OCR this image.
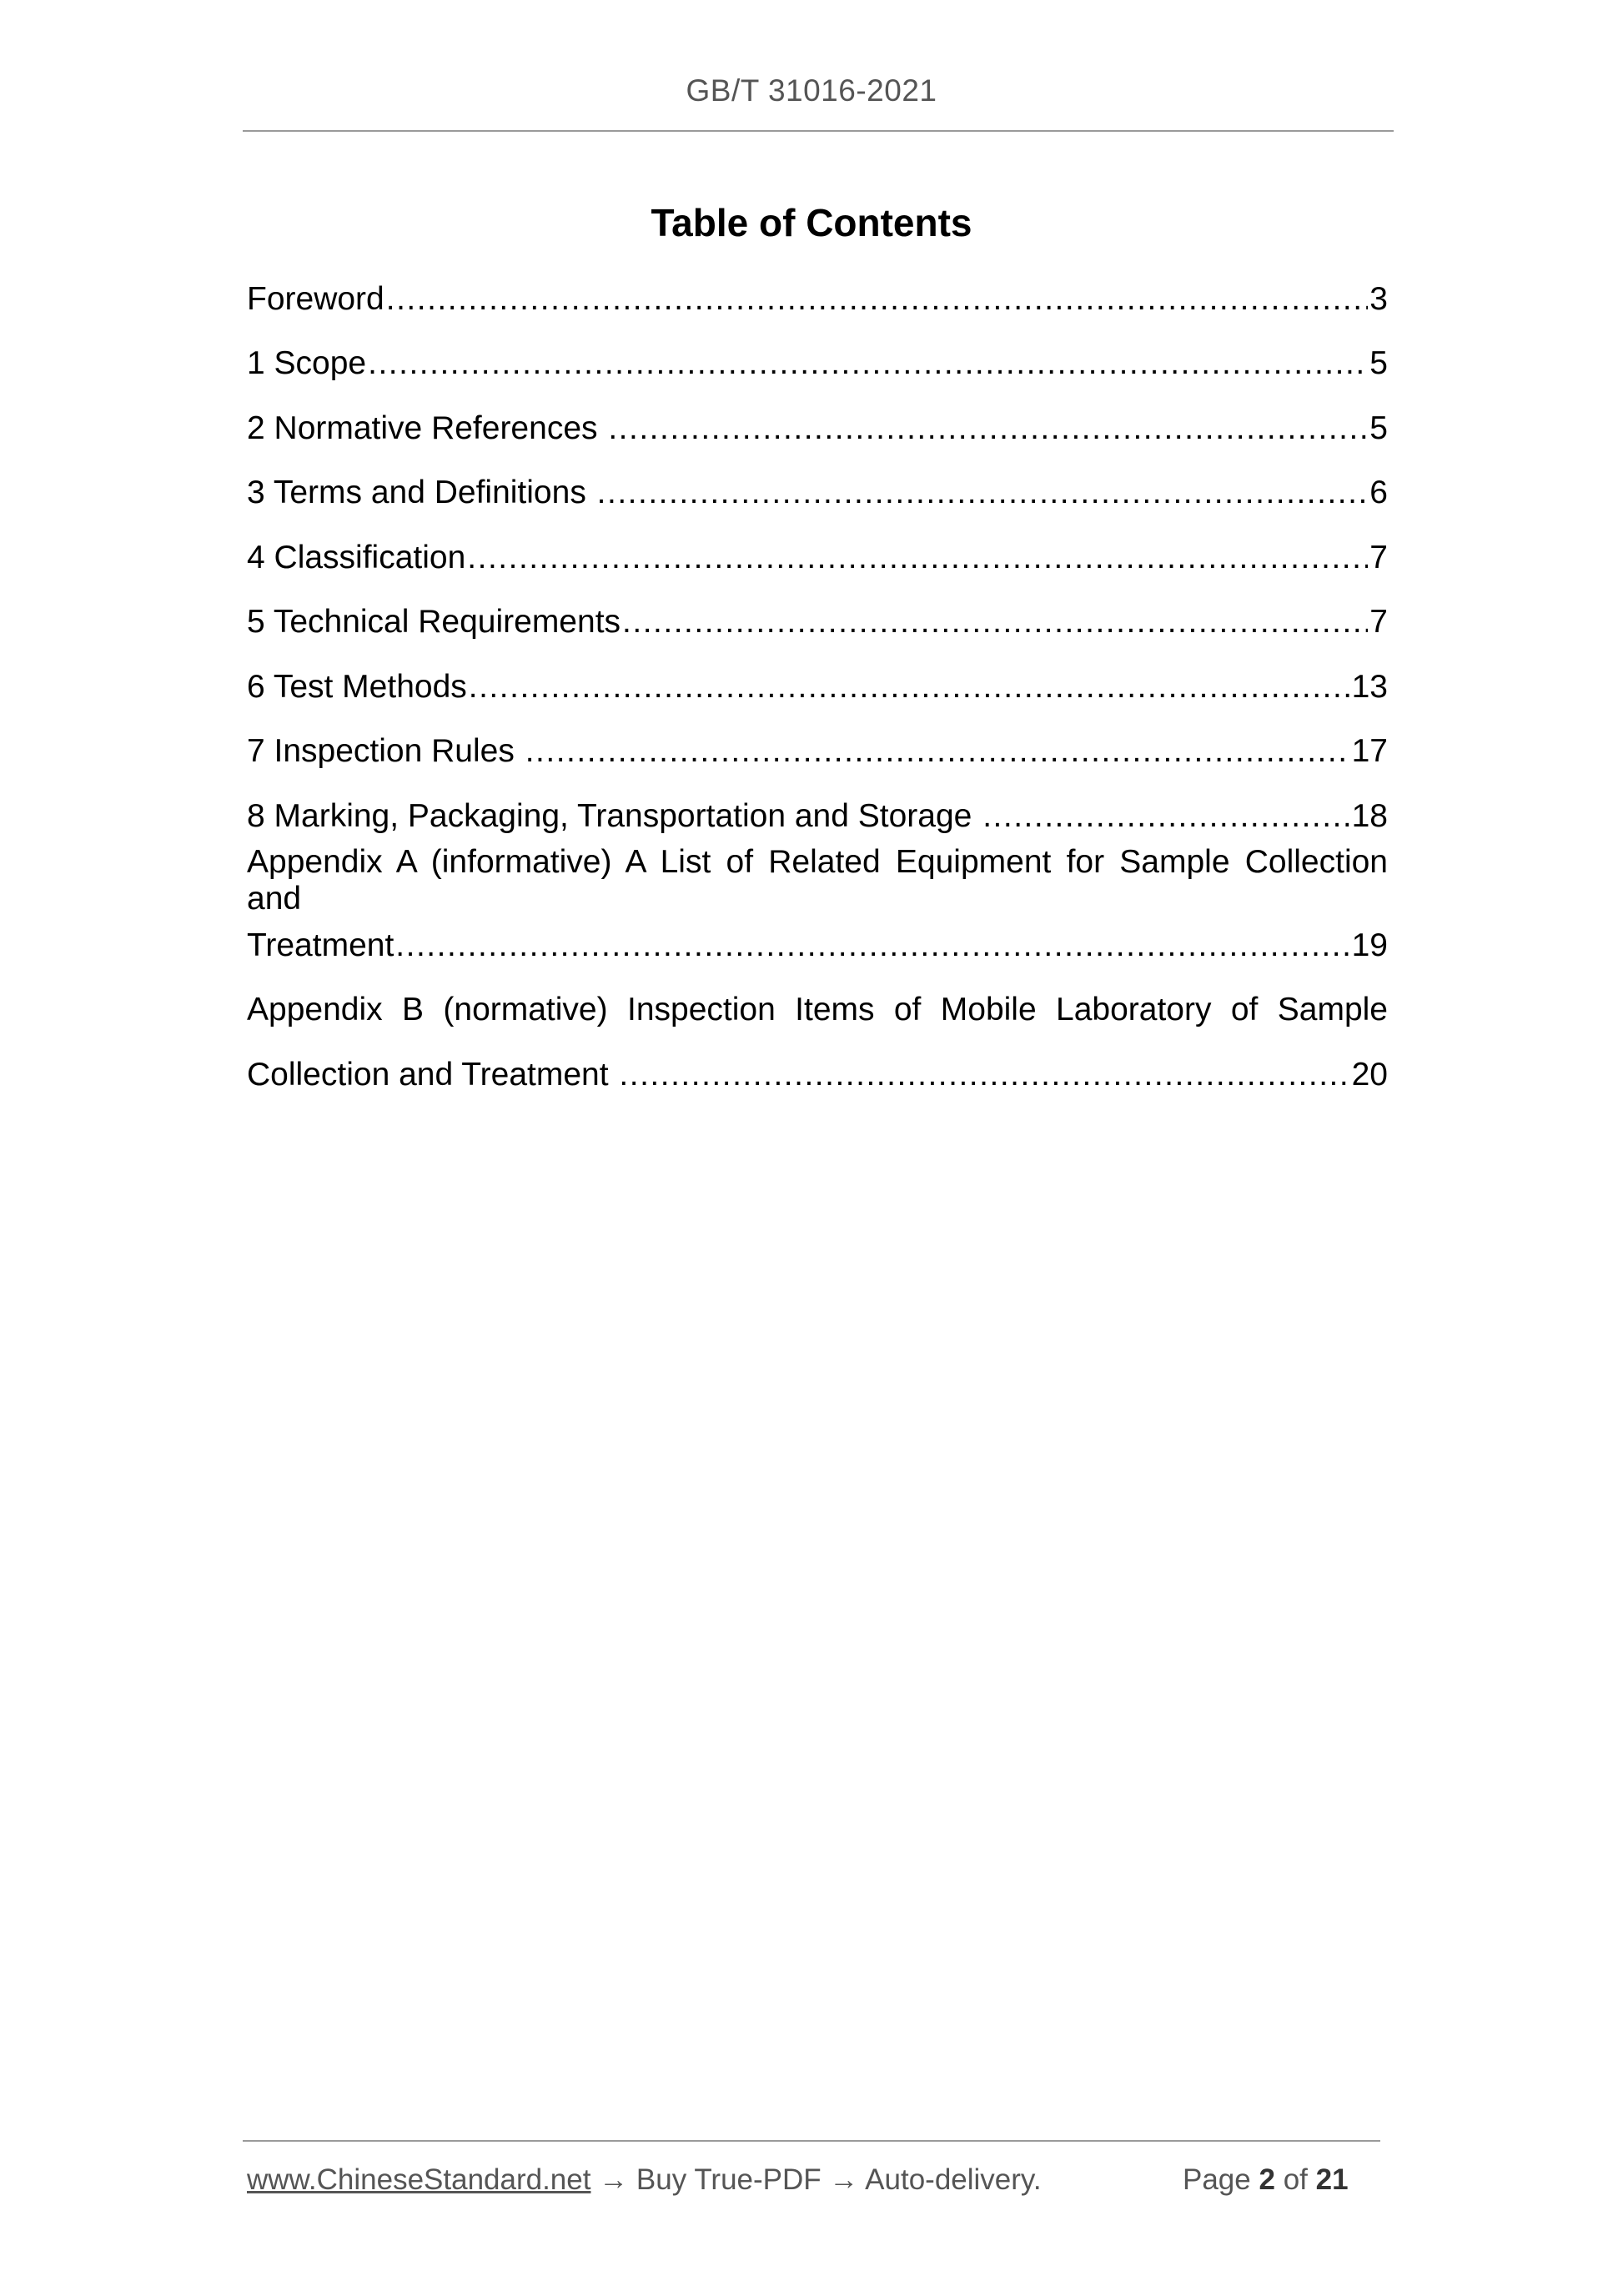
GB/T 31016-2021
Table of Contents
Foreword .....	3
1 Scope .....	5
2 Normative References .....	5
3 Terms and Definitions .....	6
4 Classification .....	7
5 Technical Requirements .....	7
6 Test Methods .....	13
7 Inspection Rules .....	17
8 Marking, Packaging, Transportation and Storage .....	18
Appendix A (informative) A List of Related Equipment for Sample Collection and
Treatment .....	19
Appendix B (normative) Inspection Items of Mobile Laboratory of Sample
Collection and Treatment .....	20
www.ChineseStandard.net → Buy True-PDF → Auto-delivery.	Page 2 of 21
